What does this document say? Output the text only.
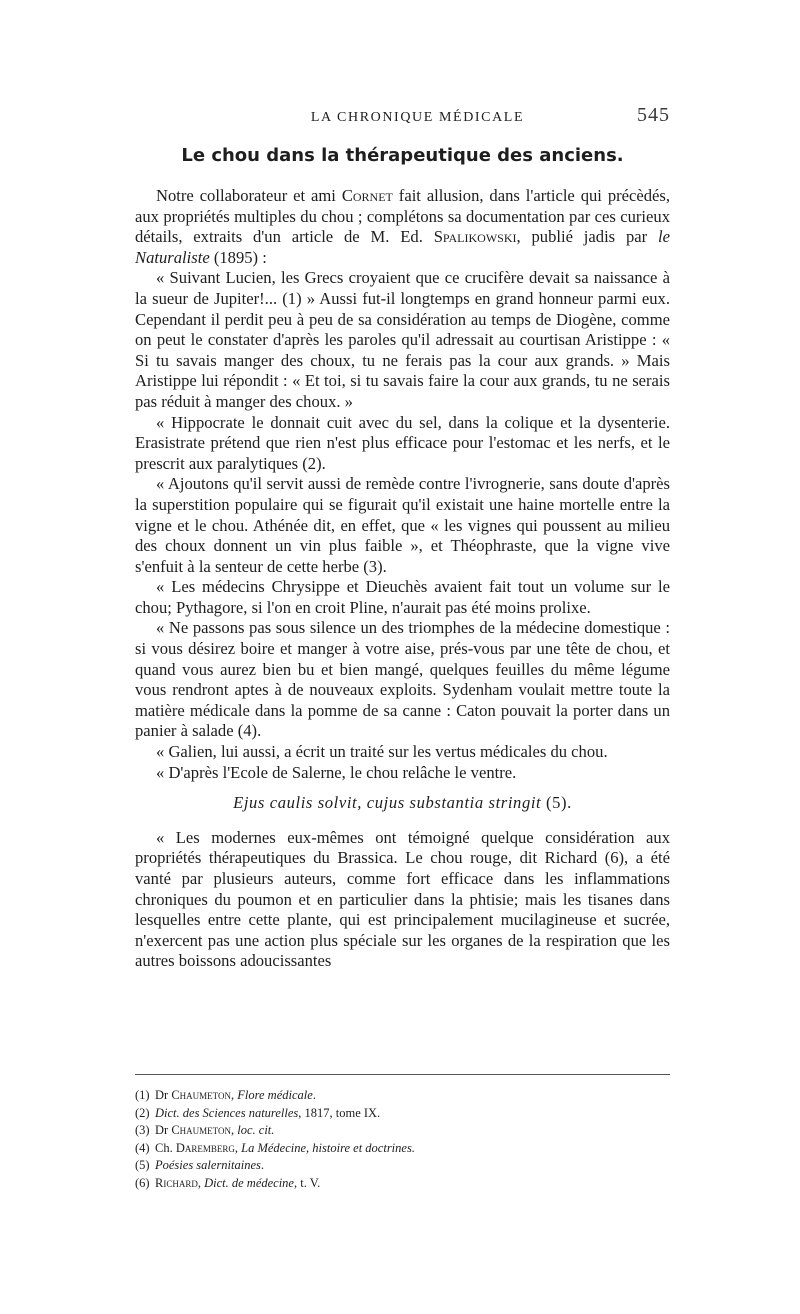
LA CHRONIQUE MÉDICALE	545
Le chou dans la thérapeutique des anciens.

Notre collaborateur et ami Cornet fait allusion, dans l'article qui précèdés, aux propriétés multiples du chou ; complétons sa documentation par ces curieux détails, extraits d'un article de M. Ed. Spalikowski, publié jadis par le Naturaliste (1895) :

« Suivant Lucien, les Grecs croyaient que ce crucifère devait sa naissance à la sueur de Jupiter!... (1) » Aussi fut-il longtemps en grand honneur parmi eux. Cependant il perdit peu à peu de sa considération au temps de Diogène, comme on peut le constater d'après les paroles qu'il adressait au courtisan Aristippe : « Si tu savais manger des choux, tu ne ferais pas la cour aux grands. » Mais Aristippe lui répondit : « Et toi, si tu savais faire la cour aux grands, tu ne serais pas réduit à manger des choux. »

« Hippocrate le donnait cuit avec du sel, dans la colique et la dysenterie. Erasistrate prétend que rien n'est plus efficace pour l'estomac et les nerfs, et le prescrit aux paralytiques (2).

« Ajoutons qu'il servit aussi de remède contre l'ivrognerie, sans doute d'après la superstition populaire qui se figurait qu'il existait une haine mortelle entre la vigne et le chou. Athénée dit, en effet, que « les vignes qui poussent au milieu des choux donnent un vin plus faible », et Théophraste, que la vigne vive s'enfuit à la senteur de cette herbe (3).

« Les médecins Chrysippe et Dieuchès avaient fait tout un volume sur le chou; Pythagore, si l'on en croit Pline, n'aurait pas été moins prolixe.

« Ne passons pas sous silence un des triomphes de la médecine domestique : si vous désirez boire et manger à votre aise, prés-vous par une tête de chou, et quand vous aurez bien bu et bien mangé, quelques feuilles du même légume vous rendront aptes à de nouveaux exploits. Sydenham voulait mettre toute la matière médicale dans la pomme de sa canne : Caton pouvait la porter dans un panier à salade (4).

« Galien, lui aussi, a écrit un traité sur les vertus médicales du chou.

« D'après l'Ecole de Salerne, le chou relâche le ventre.

Ejus caulis solvit, cujus substantia stringit (5).

« Les modernes eux-mêmes ont témoigné quelque considération aux propriétés thérapeutiques du Brassica. Le chou rouge, dit Richard (6), a été vanté par plusieurs auteurs, comme fort efficace dans les inflammations chroniques du poumon et en particulier dans la phtisie; mais les tisanes dans lesquelles entre cette plante, qui est principalement mucilagineuse et sucrée, n'exercent pas une action plus spéciale sur les organes de la respiration que les autres boissons adoucissantes

(1) Dr Chaumeton, Flore médicale.
(2) Dict. des Sciences naturelles, 1817, tome IX.
(3) Dr Chaumeton, loc. cit.
(4) Ch. Daremberg, La Médecine, histoire et doctrines.
(5) Poésies salernitaines.
(6) Richard, Dict. de médecine, t. V.
